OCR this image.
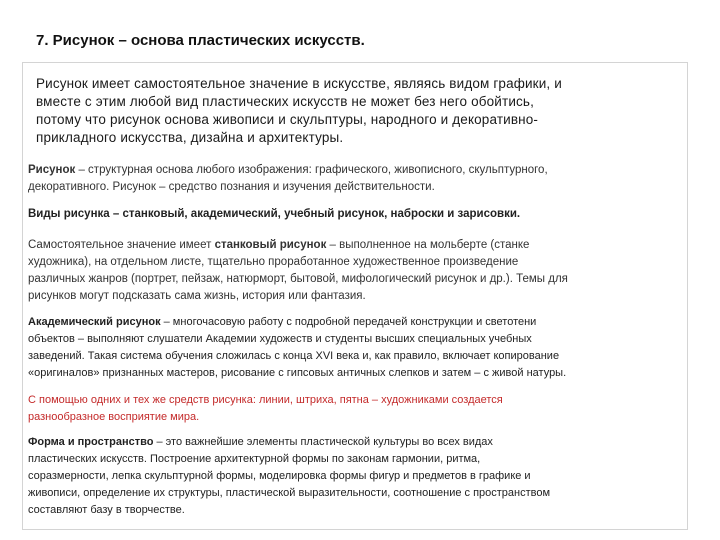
7. Рисунок – основа пластических искусств.
Рисунок имеет самостоятельное значение в искусстве, являясь видом графики, и
вместе с этим любой вид пластических искусств не может без него обойтись,
потому что рисунок основа живописи и скульптуры, народного и декоративно-
прикладного искусства, дизайна и архитектуры.
Рисунок – структурная основа любого изображения: графического, живописного, скульптурного,
декоративного. Рисунок – средство познания и изучения действительности.
Виды рисунка – станковый, академический, учебный рисунок, наброски и зарисовки.
Самостоятельное значение имеет станковый рисунок – выполненное на мольберте (станке
художника), на отдельном листе, тщательно проработанное художественное произведение
различных жанров (портрет, пейзаж, натюрморт, бытовой, мифологический рисунок и др.). Темы для
рисунков могут подсказать сама жизнь, история или фантазия.
Академический рисунок – многочасовую работу с подробной передачей конструкции и светотени
объектов – выполняют слушатели Академии художеств и студенты высших специальных учебных
заведений. Такая система обучения сложилась с конца XVI века и, как правило, включает копирование
«оригиналов» признанных мастеров, рисование с гипсовых античных слепков и затем – с живой натуры.
С помощью одних и тех же средств рисунка: линии, штриха, пятна – художниками создается
разнообразное восприятие мира.
Форма и пространство – это важнейшие элементы пластической культуры во всех видах
пластических искусств. Построение архитектурной формы по законам гармонии, ритма,
соразмерности, лепка скульптурной формы, моделировка формы фигур и предметов в графике и
живописи, определение их структуры, пластической выразительности, соотношение с пространством
составляют базу в творчестве.
